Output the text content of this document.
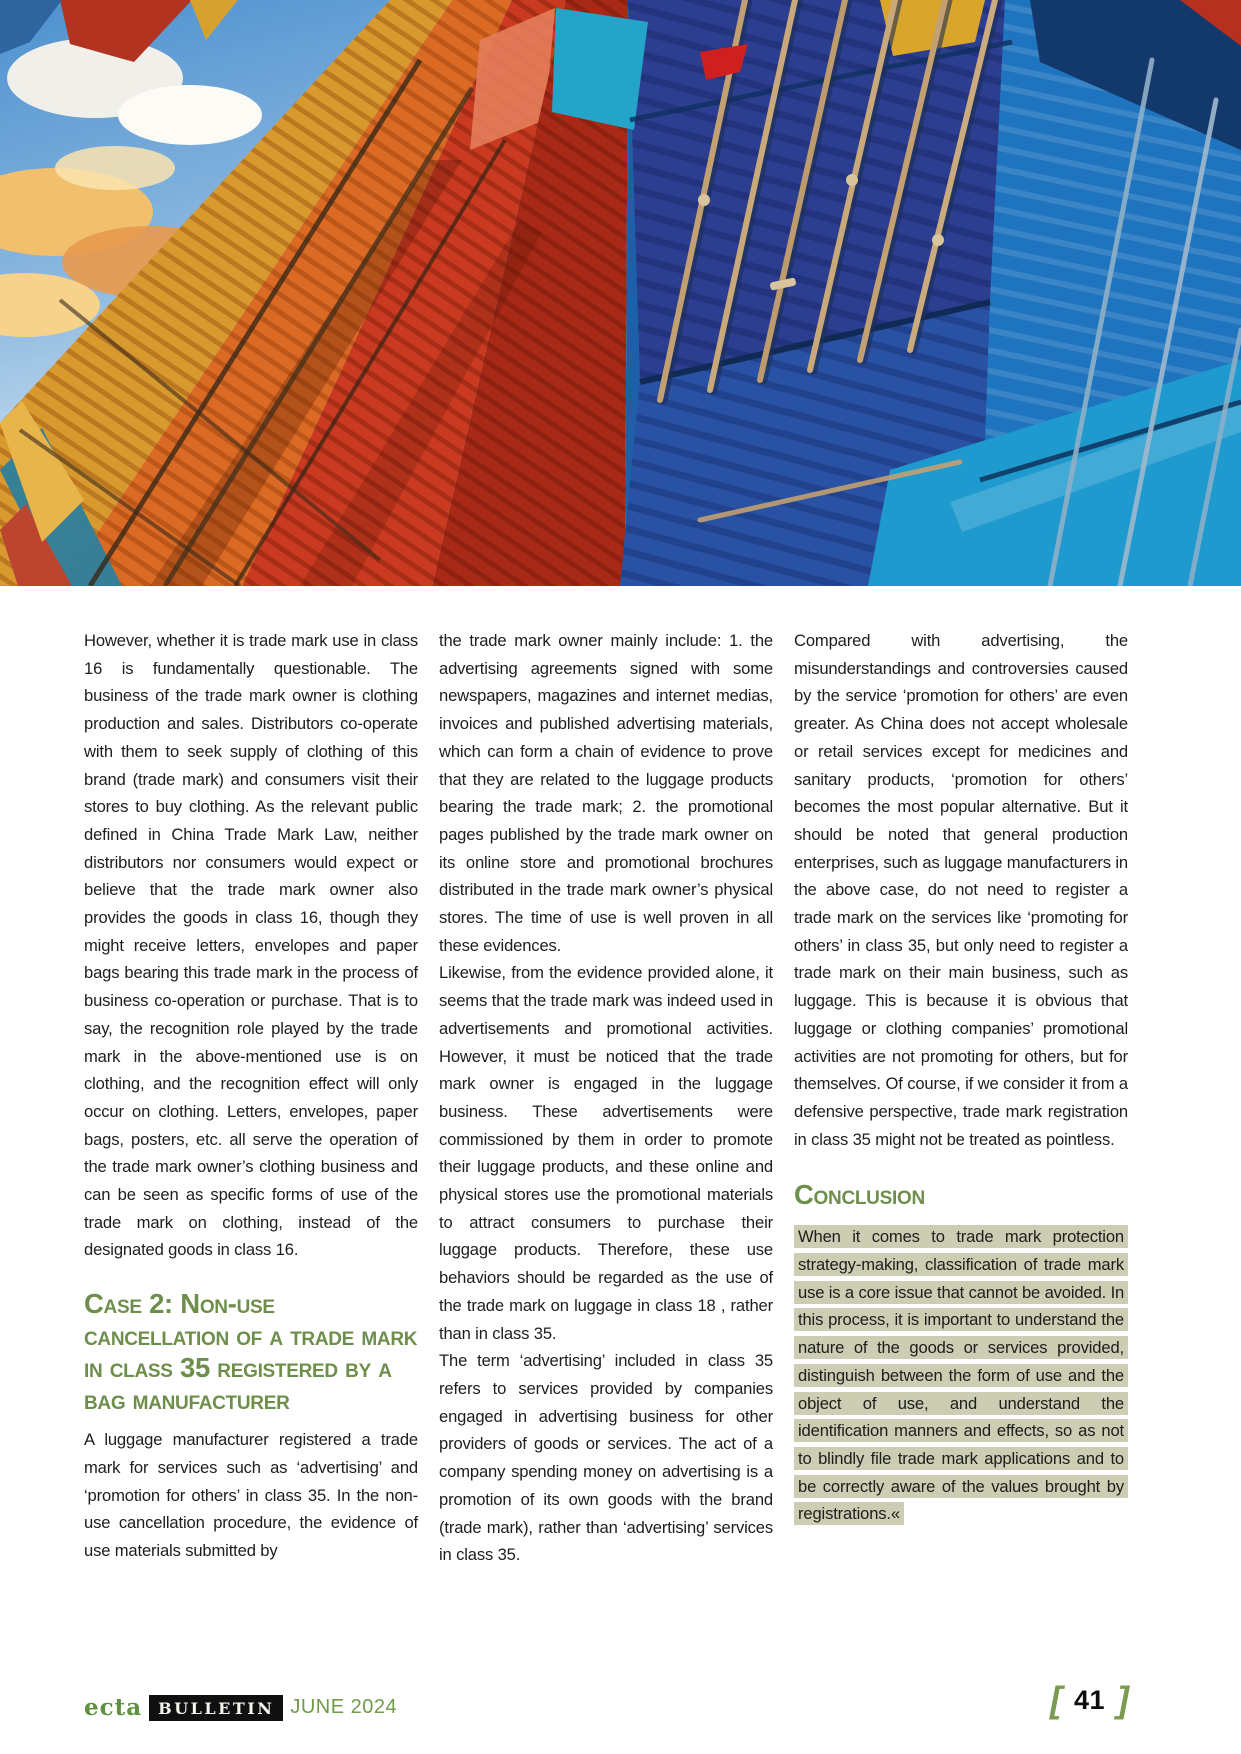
However, whether it is trade mark use in class 16 is fundamentally questionable. The business of the trade mark owner is clothing production and sales. Distributors co-operate with them to seek supply of clothing of this brand (trade mark) and consumers visit their stores to buy clothing. As the relevant public defined in China Trade Mark Law, neither distributors nor consumers would expect or believe that the trade mark owner also provides the goods in class 16, though they might receive letters, envelopes and paper bags bearing this trade mark in the process of business co-operation or purchase. That is to say, the recognition role played by the trade mark in the above-mentioned use is on clothing, and the recognition effect will only occur on clothing. Letters, envelopes, paper bags, posters, etc. all serve the operation of the trade mark owner’s clothing business and can be seen as specific forms of use of the trade mark on clothing, instead of the designated goods in class 16.

Case 2: Non-use cancellation of a trade mark in class 35 registered by a bag manufacturer

A luggage manufacturer registered a trade mark for services such as ‘advertising’ and ‘promotion for others’ in class 35. In the non-use cancellation procedure, the evidence of use materials submitted by

the trade mark owner mainly include: 1. the advertising agreements signed with some newspapers, magazines and internet medias, invoices and published advertising materials, which can form a chain of evidence to prove that they are related to the luggage products bearing the trade mark; 2. the promotional pages published by the trade mark owner on its online store and promotional brochures distributed in the trade mark owner’s physical stores. The time of use is well proven in all these evidences.

Likewise, from the evidence provided alone, it seems that the trade mark was indeed used in advertisements and promotional activities. However, it must be noticed that the trade mark owner is engaged in the luggage business. These advertisements were commissioned by them in order to promote their luggage products, and these online and physical stores use the promotional materials to attract consumers to purchase their luggage products. Therefore, these use behaviors should be regarded as the use of the trade mark on luggage in class 18 , rather than in class 35.

The term ‘advertising’ included in class 35 refers to services provided by companies engaged in advertising business for other providers of goods or services. The act of a company spending money on advertising is a promotion of its own goods with the brand (trade mark), rather than ‘advertising’ services in class 35.

Compared with advertising, the misunderstandings and controversies caused by the service ‘promotion for others’ are even greater. As China does not accept wholesale or retail services except for medicines and sanitary products, ‘promotion for others’ becomes the most popular alternative. But it should be noted that general production enterprises, such as luggage manufacturers in the above case, do not need to register a trade mark on the services like ‘promoting for others’ in class 35, but only need to register a trade mark on their main business, such as luggage. This is because it is obvious that luggage or clothing companies’ promotional activities are not promoting for others, but for themselves. Of course, if we consider it from a defensive perspective, trade mark registration in class 35 might not be treated as pointless.

Conclusion

When it comes to trade mark protection strategy-making, classification of trade mark use is a core issue that cannot be avoided. In this process, it is important to understand the nature of the goods or services provided, distinguish between the form of use and the object of use, and understand the identification manners and effects, so as not to blindly file trade mark applications and to be correctly aware of the values brought by registrations.«

ecta	BULLETIN JUNE 2024	[ 41 ]
